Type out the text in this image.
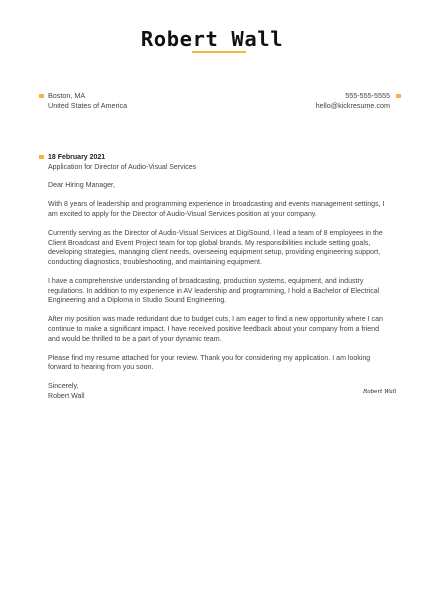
Robert Wall
Boston, MA
United States of America
555-555-5555
hello@kickresume.com
18 February 2021
Application for Director of Audio-Visual Services

Dear Hiring Manager,

With 8 years of leadership and programming experience in broadcasting and events management settings, I am excited to apply for the Director of Audio-Visual Services position at your company.

Currently serving as the Director of Audio-Visual Services at DigiSound, I lead a team of 8 employees in the Client Broadcast and Event Project team for top global brands. My responsibilities include setting goals, developing strategies, managing client needs, overseeing equipment setup, providing engineering support, conducting diagnostics, troubleshooting, and maintaining equipment.

I have a comprehensive understanding of broadcasting, production systems, equipment, and industry regulations. In addition to my experience in AV leadership and programming, I hold a Bachelor of Electrical Engineering and a Diploma in Studio Sound Engineering.

After my position was made redundant due to budget cuts, I am eager to find a new opportunity where I can continue to make a significant impact. I have received positive feedback about your company from a friend and would be thrilled to be a part of your dynamic team.

Please find my resume attached for your review. Thank you for considering my application. I am looking forward to hearing from you soon.

Sincerely,

Robert Wall

Robert Wall
